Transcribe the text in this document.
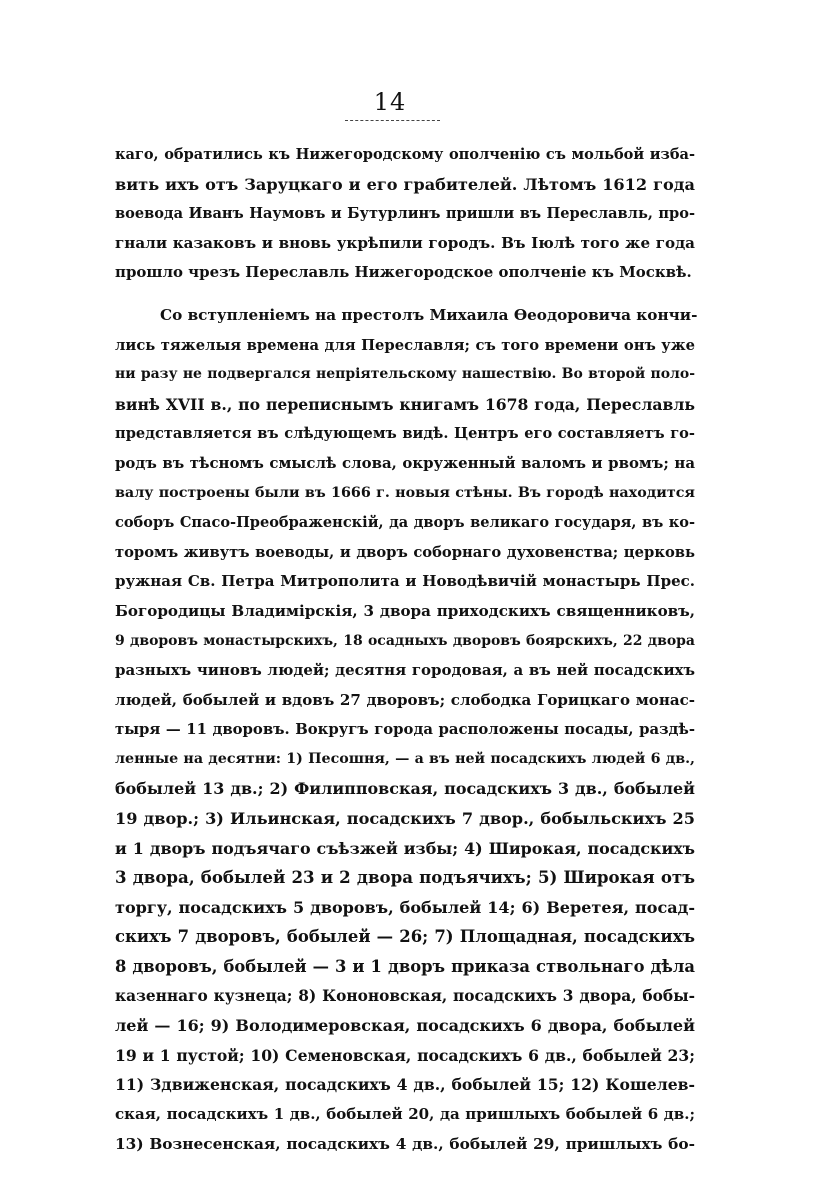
14
каго, обратились къ Нижегородскому ополченію съ мольбой изба-
вить ихъ отъ Заруцкаго и его грабителей. Лѣтомъ 1612 года
воевода Иванъ Наумовъ и Бутурлинъ пришли въ Переславль, про-
гнали казаковъ и вновь укрѣпили городъ. Въ Іюлѣ того же года
прошло чрезъ Переславль Нижегородское ополченіе къ Москвѣ.
Со вступленіемъ на престолъ Михаила Ѳеодоровича кончи-
лись тяжелыя времена для Переславля; съ того времени онъ уже
ни разу не подвергался непріятельскому нашествію. Во второй поло-
винѣ XVII в., по переписнымъ книгамъ 1678 года, Переславль
представляется въ слѣдующемъ видѣ. Центръ его составляетъ го-
родъ въ тѣсномъ смыслѣ слова, окруженный валомъ и рвомъ; на
валу построены были въ 1666 г. новыя стѣны. Въ городѣ находится
соборъ Спасо-Преображенскій, да дворъ великаго государя, въ ко-
торомъ живутъ воеводы, и дворъ соборнаго духовенства; церковь
ружная Св. Петра Митрополита и Новодѣвичій монастырь Прес.
Богородицы Владимірскія, 3 двора приходскихъ священниковъ,
9 дворовъ монастырскихъ, 18 осадныхъ дворовъ боярскихъ, 22 двора
разныхъ чиновъ людей; десятня городовая, а въ ней посадскихъ
людей, бобылей и вдовъ 27 дворовъ; слободка Горицкаго монас-
тыря — 11 дворовъ. Вокругъ города расположены посады, раздѣ-
ленные на десятни: 1) Песошня, — а въ ней посадскихъ людей 6 дв.,
бобылей 13 дв.; 2) Филипповская, посадскихъ 3 дв., бобылей
19 двор.; 3) Ильинская, посадскихъ 7 двор., бобыльскихъ 25
и 1 дворъ подъячаго съѣзжей избы; 4) Широкая, посадскихъ
3 двора, бобылей 23 и 2 двора подъячихъ; 5) Широкая отъ
торгу, посадскихъ 5 дворовъ, бобылей 14; 6) Веретея, посад-
скихъ 7 дворовъ, бобылей — 26; 7) Площадная, посадскихъ
8 дворовъ, бобылей — 3 и 1 дворъ приказа ствольнаго дѣла
казеннаго кузнеца; 8) Кононовская, посадскихъ 3 двора, бобы-
лей — 16; 9) Володимеровская, посадскихъ 6 двора, бобылей
19 и 1 пустой; 10) Семеновская, посадскихъ 6 дв., бобылей 23;
11) Здвиженская, посадскихъ 4 дв., бобылей 15; 12) Кошелев-
ская, посадскихъ 1 дв., бобылей 20, да пришлыхъ бобылей 6 дв.;
13) Вознесенская, посадскихъ 4 дв., бобылей 29, пришлыхъ бо-
